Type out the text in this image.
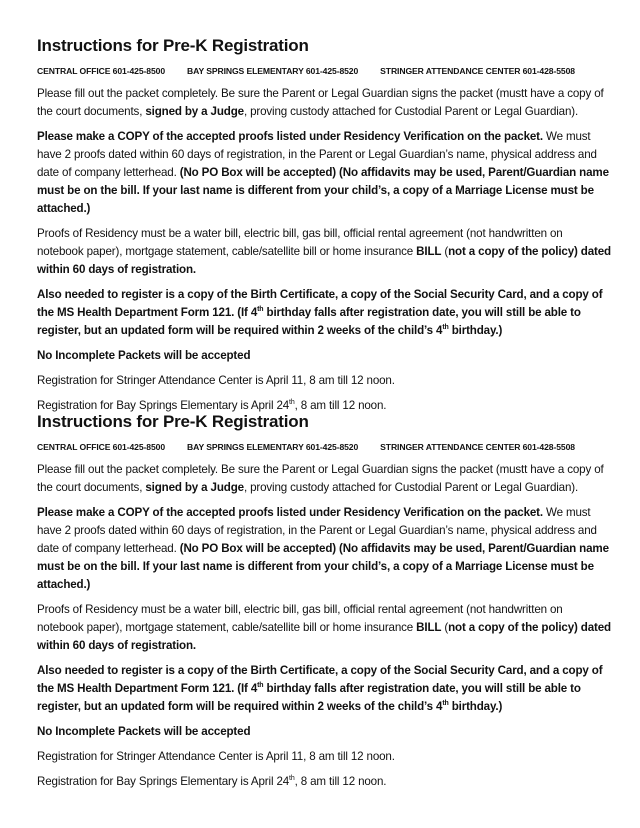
Instructions for Pre-K Registration
CENTRAL OFFICE 601-425-8500	BAY SPRINGS ELEMENTARY 601-425-8520	STRINGER ATTENDANCE CENTER 601-428-5508

Please fill out the packet completely. Be sure the Parent or Legal Guardian signs the packet (mustt have a copy of the court documents, signed by a Judge, proving custody attached for Custodial Parent or Legal Guardian).

Please make a COPY of the accepted proofs listed under Residency Verification on the packet. We must have 2 proofs dated within 60 days of registration, in the Parent or Legal Guardian’s name, physical address and date of company letterhead. (No PO Box will be accepted) (No affidavits may be used, Parent/Guardian name must be on the bill. If your last name is different from your child’s, a copy of a Marriage License must be attached.)

Proofs of Residency must be a water bill, electric bill, gas bill, official rental agreement (not handwritten on notebook paper), mortgage statement, cable/satellite bill or home insurance BILL (not a copy of the policy) dated within 60 days of registration.

Also needed to register is a copy of the Birth Certificate, a copy of the Social Security Card, and a copy of the MS Health Department Form 121. (If 4th birthday falls after registration date, you will still be able to register, but an updated form will be required within 2 weeks of the child’s 4th birthday.)

No Incomplete Packets will be accepted

Registration for Stringer Attendance Center is April 11, 8 am till 12 noon.

Registration for Bay Springs Elementary is April 24th, 8 am till 12 noon.

Instructions for Pre-K Registration
CENTRAL OFFICE 601-425-8500	BAY SPRINGS ELEMENTARY 601-425-8520	STRINGER ATTENDANCE CENTER 601-428-5508

Please fill out the packet completely. Be sure the Parent or Legal Guardian signs the packet (mustt have a copy of the court documents, signed by a Judge, proving custody attached for Custodial Parent or Legal Guardian).

Please make a COPY of the accepted proofs listed under Residency Verification on the packet. We must have 2 proofs dated within 60 days of registration, in the Parent or Legal Guardian’s name, physical address and date of company letterhead. (No PO Box will be accepted) (No affidavits may be used, Parent/Guardian name must be on the bill. If your last name is different from your child’s, a copy of a Marriage License must be attached.)

Proofs of Residency must be a water bill, electric bill, gas bill, official rental agreement (not handwritten on notebook paper), mortgage statement, cable/satellite bill or home insurance BILL (not a copy of the policy) dated within 60 days of registration.

Also needed to register is a copy of the Birth Certificate, a copy of the Social Security Card, and a copy of the MS Health Department Form 121. (If 4th birthday falls after registration date, you will still be able to register, but an updated form will be required within 2 weeks of the child’s 4th birthday.)

No Incomplete Packets will be accepted

Registration for Stringer Attendance Center is April 11, 8 am till 12 noon.

Registration for Bay Springs Elementary is April 24th, 8 am till 12 noon.
